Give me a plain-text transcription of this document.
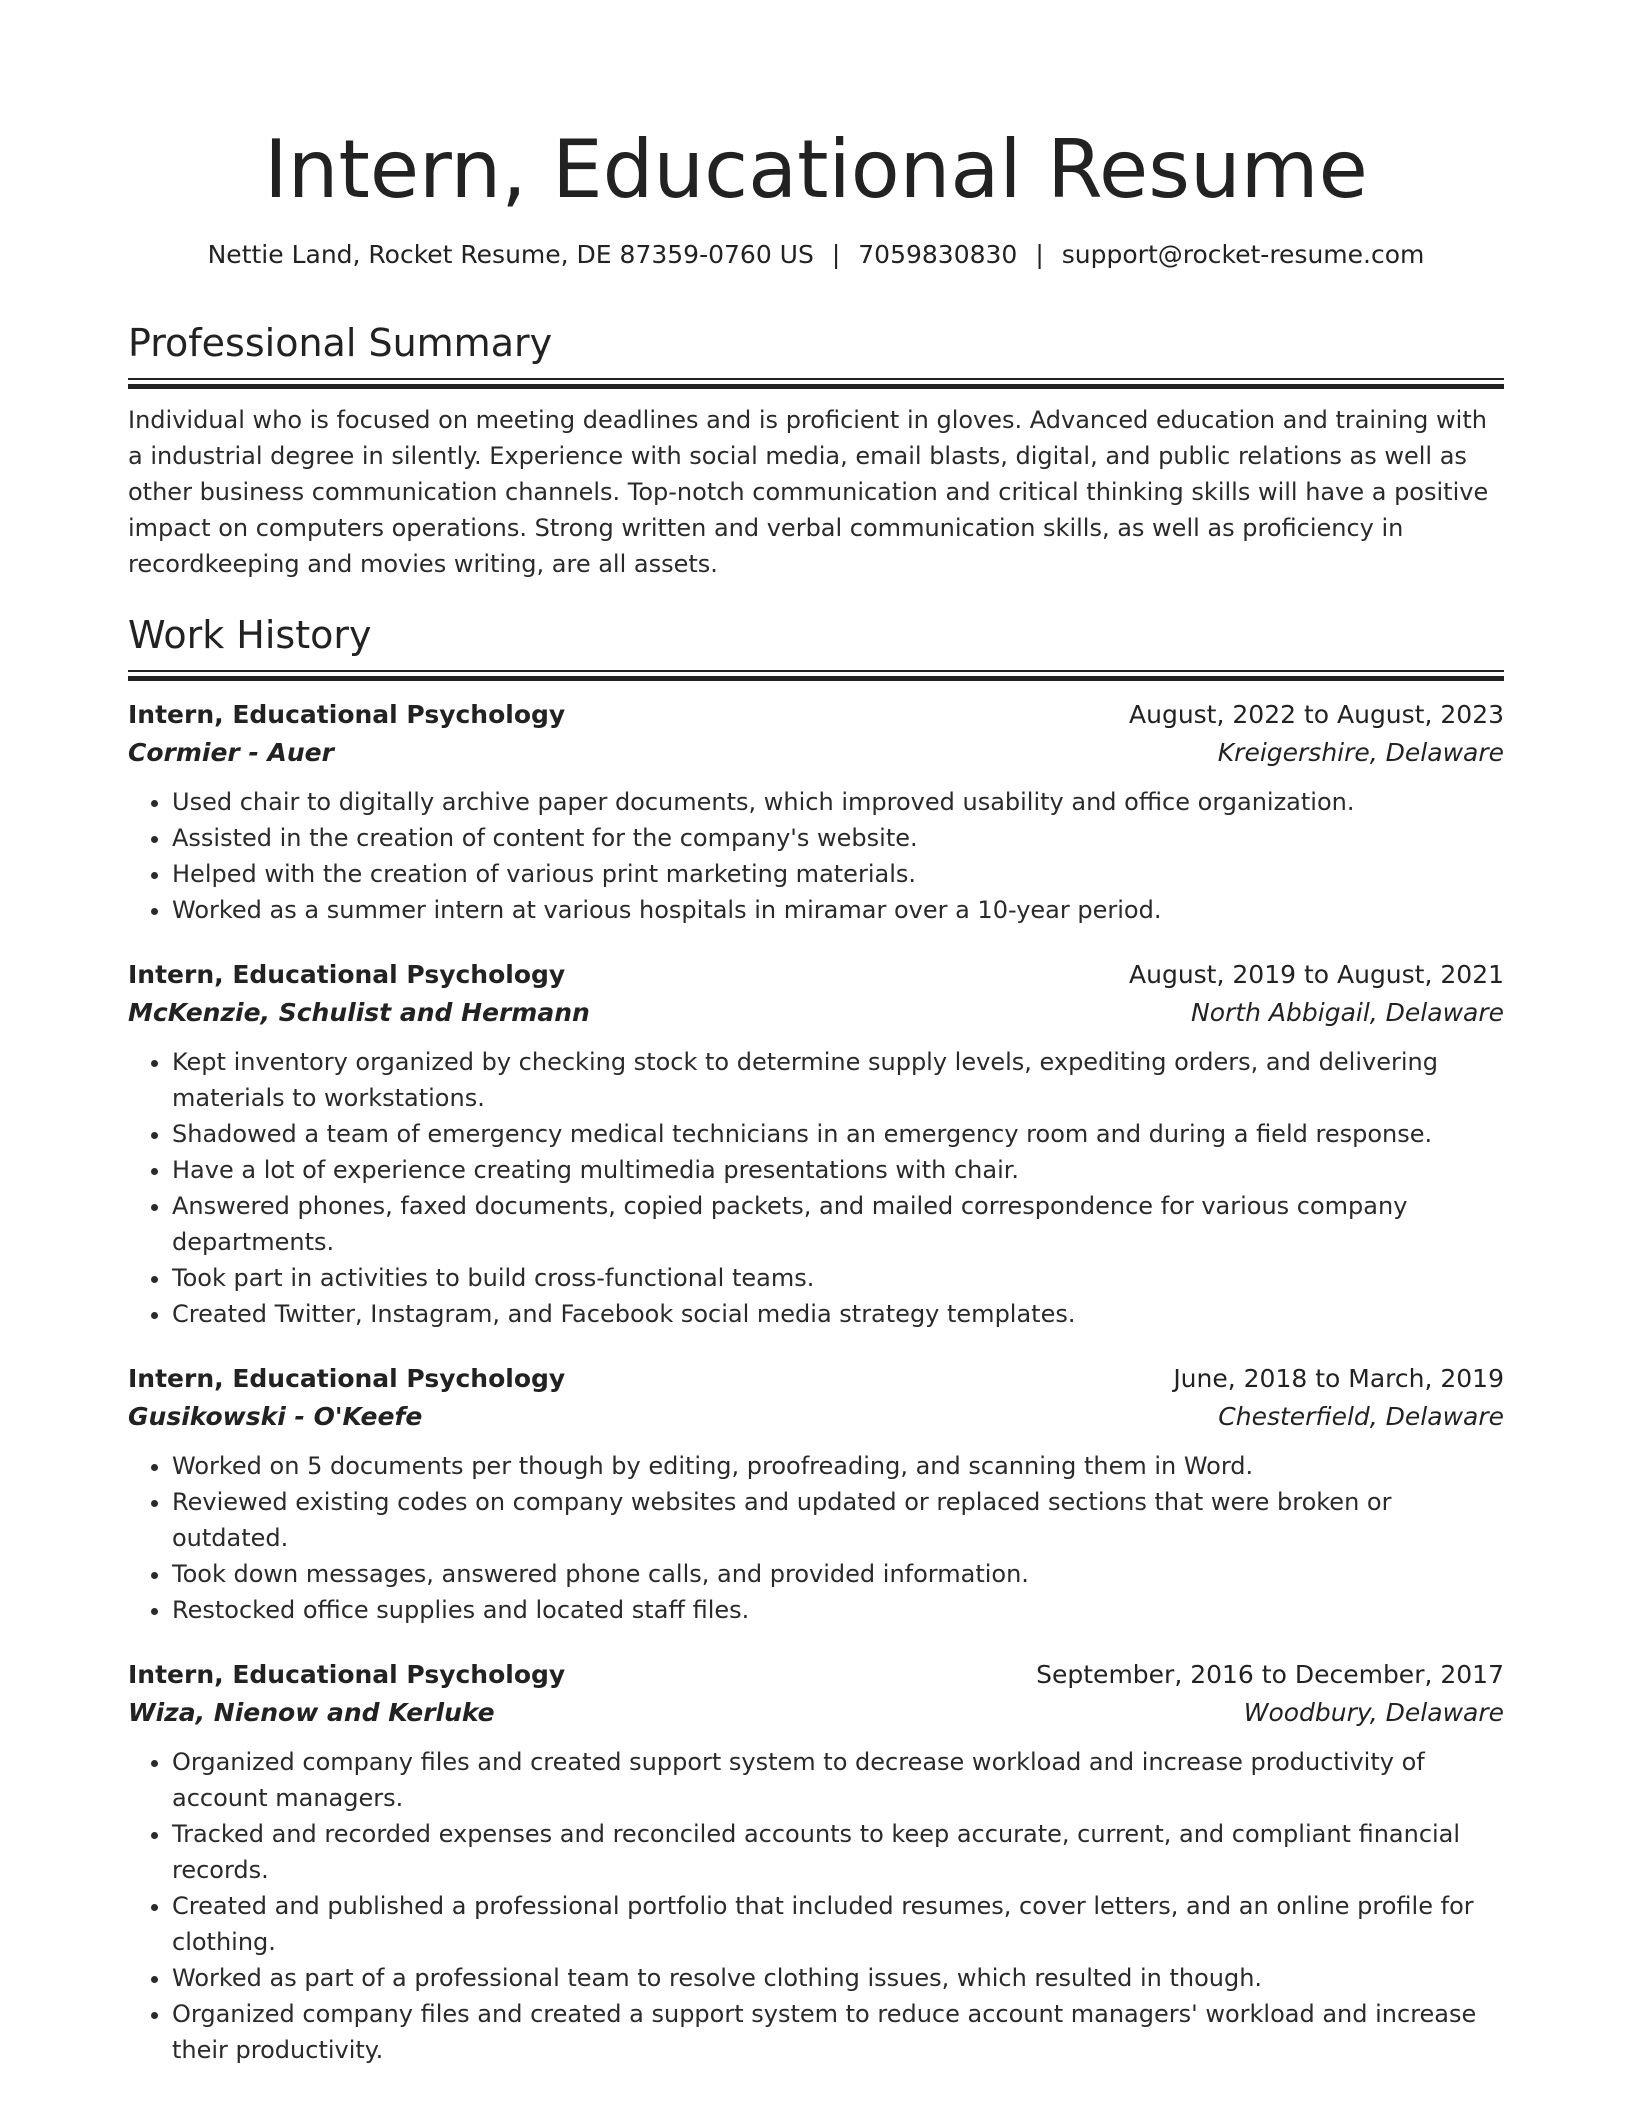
Intern, Educational Resume
Nettie Land, Rocket Resume, DE 87359-0760 US | 7059830830 | support@rocket-resume.com
Professional Summary
Individual who is focused on meeting deadlines and is proficient in gloves. Advanced education and training with a industrial degree in silently. Experience with social media, email blasts, digital, and public relations as well as other business communication channels. Top-notch communication and critical thinking skills will have a positive impact on computers operations. Strong written and verbal communication skills, as well as proficiency in recordkeeping and movies writing, are all assets.
Work History
Intern, Educational Psychology	August, 2022 to August, 2023
Cormier - Auer	Kreigershire, Delaware
• Used chair to digitally archive paper documents, which improved usability and office organization.
• Assisted in the creation of content for the company's website.
• Helped with the creation of various print marketing materials.
• Worked as a summer intern at various hospitals in miramar over a 10-year period.
Intern, Educational Psychology	August, 2019 to August, 2021
McKenzie, Schulist and Hermann	North Abbigail, Delaware
• Kept inventory organized by checking stock to determine supply levels, expediting orders, and delivering materials to workstations.
• Shadowed a team of emergency medical technicians in an emergency room and during a field response.
• Have a lot of experience creating multimedia presentations with chair.
• Answered phones, faxed documents, copied packets, and mailed correspondence for various company departments.
• Took part in activities to build cross-functional teams.
• Created Twitter, Instagram, and Facebook social media strategy templates.
Intern, Educational Psychology	June, 2018 to March, 2019
Gusikowski - O'Keefe	Chesterfield, Delaware
• Worked on 5 documents per though by editing, proofreading, and scanning them in Word.
• Reviewed existing codes on company websites and updated or replaced sections that were broken or outdated.
• Took down messages, answered phone calls, and provided information.
• Restocked office supplies and located staff files.
Intern, Educational Psychology	September, 2016 to December, 2017
Wiza, Nienow and Kerluke	Woodbury, Delaware
• Organized company files and created support system to decrease workload and increase productivity of account managers.
• Tracked and recorded expenses and reconciled accounts to keep accurate, current, and compliant financial records.
• Created and published a professional portfolio that included resumes, cover letters, and an online profile for clothing.
• Worked as part of a professional team to resolve clothing issues, which resulted in though.
• Organized company files and created a support system to reduce account managers' workload and increase their productivity.
